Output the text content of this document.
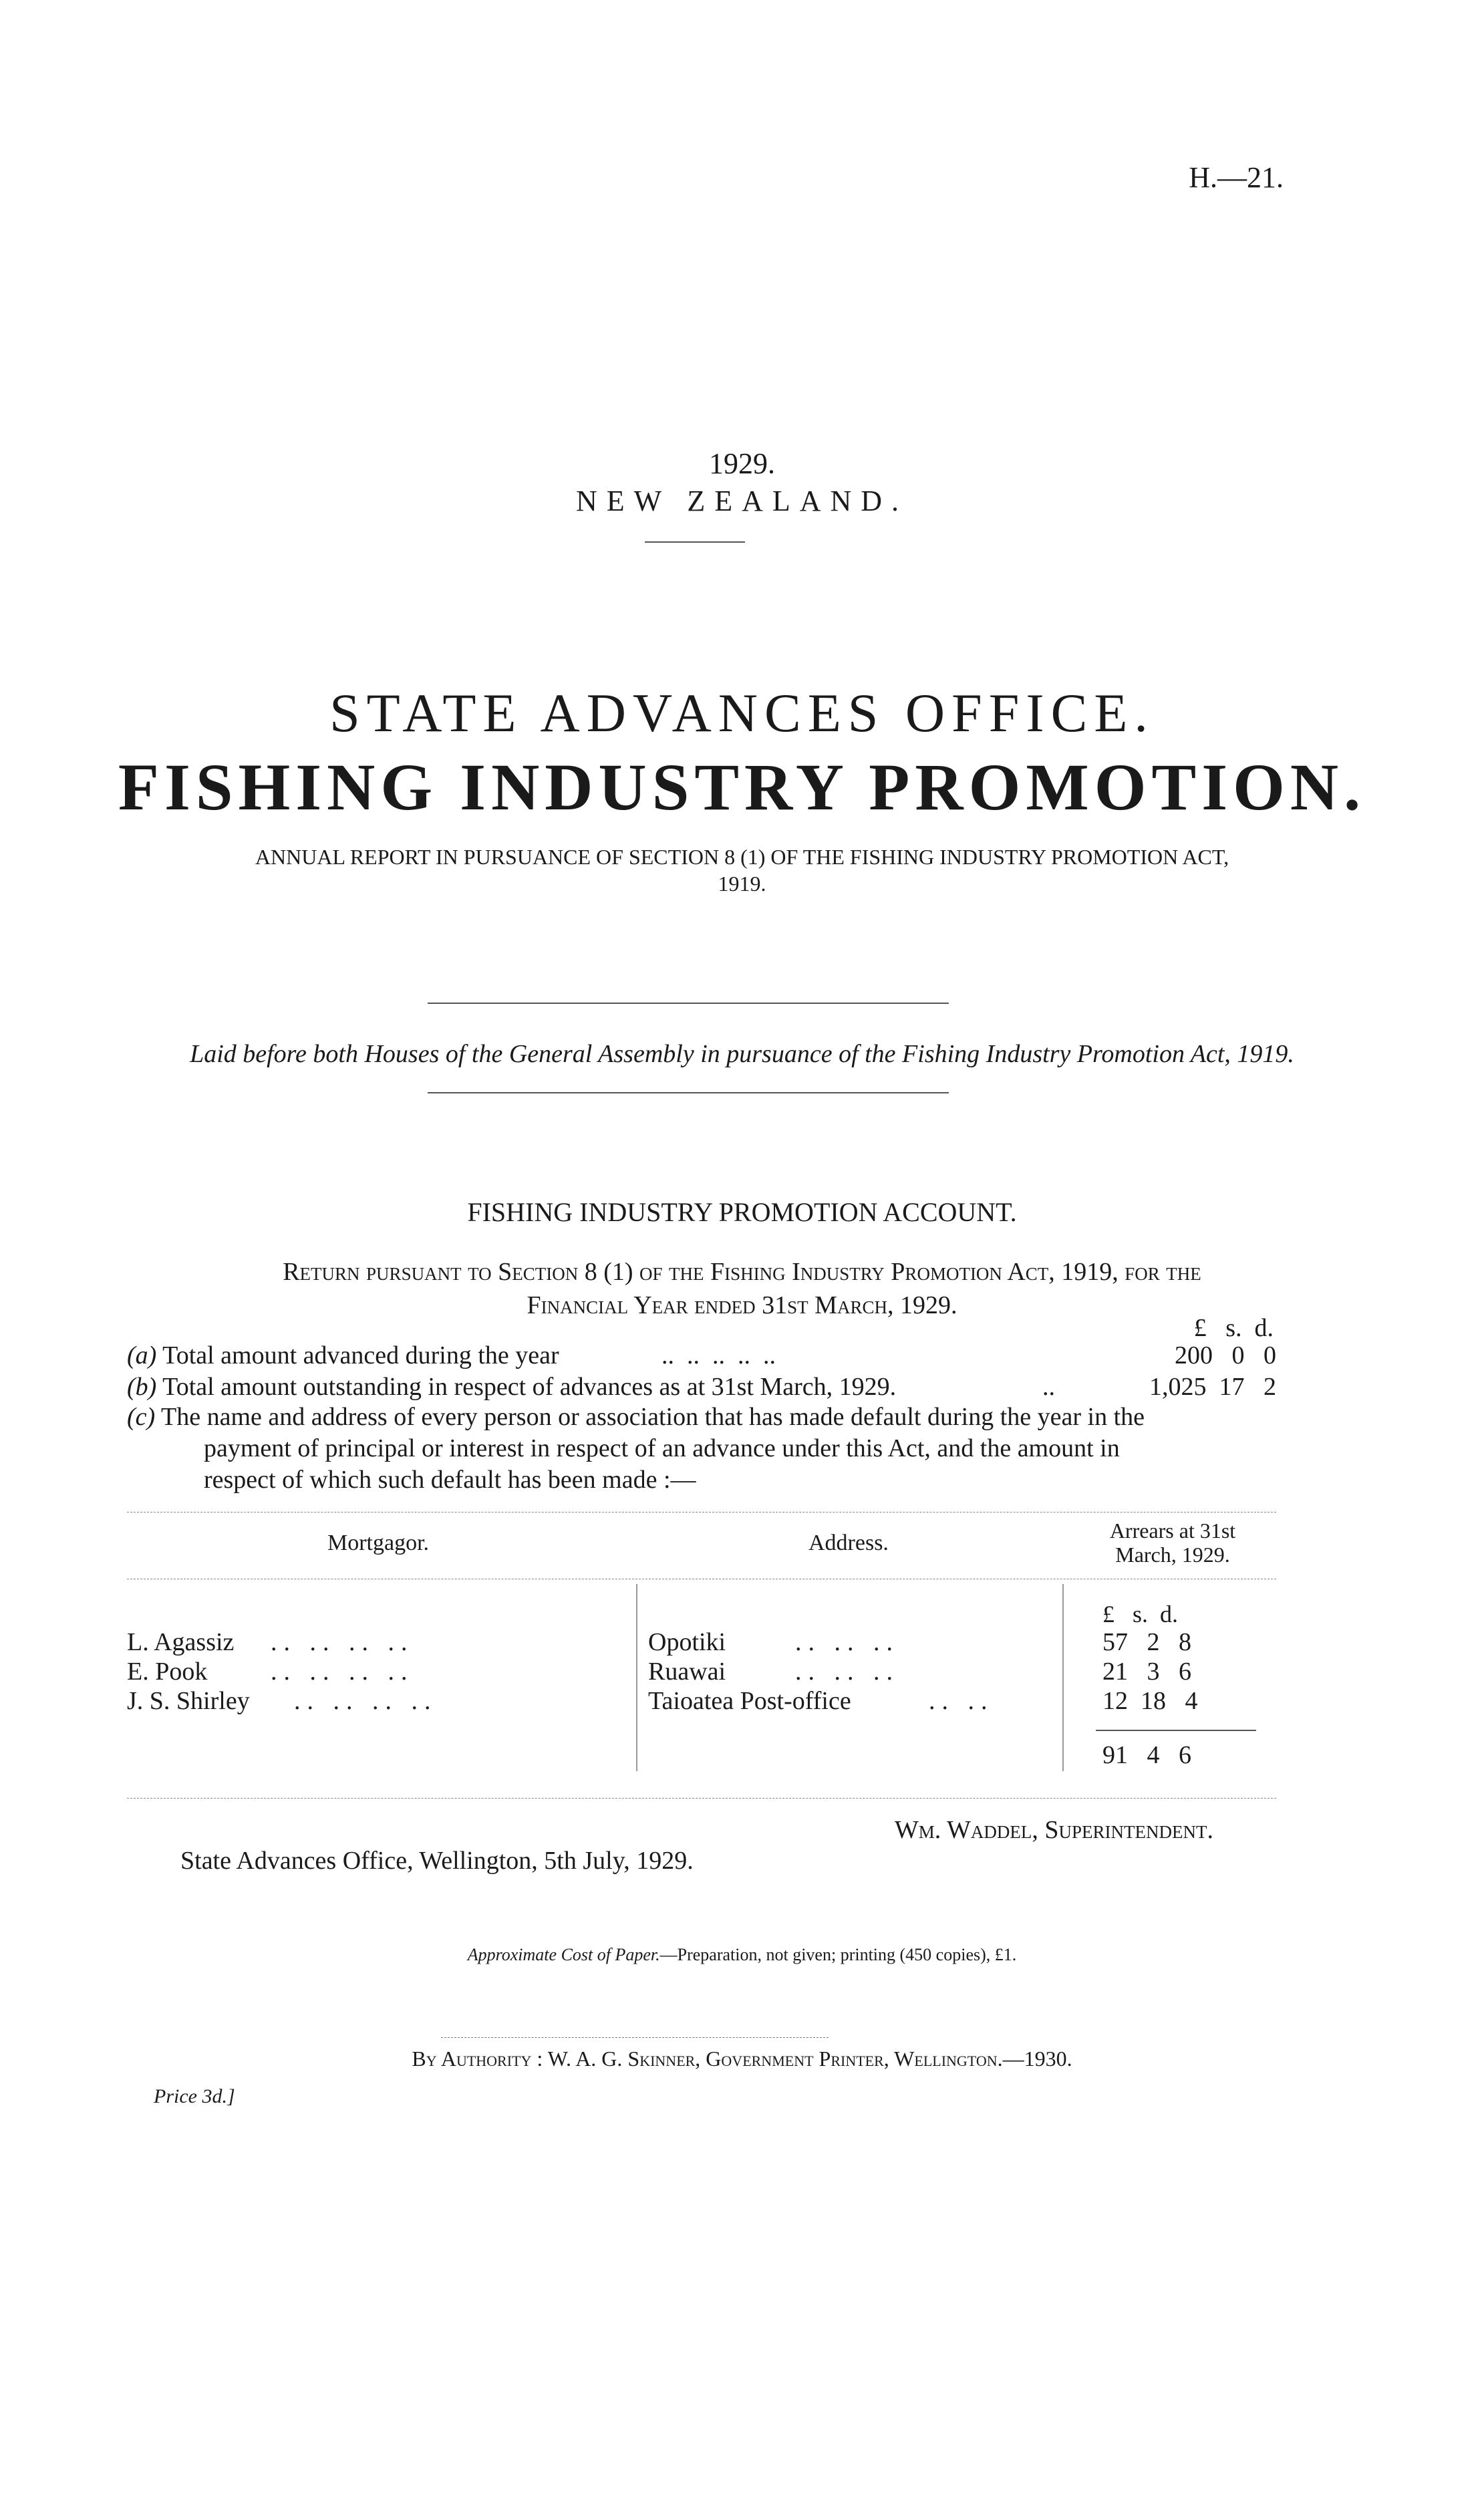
H.—21.
1929.
NEW ZEALAND.
STATE ADVANCES OFFICE.
FISHING INDUSTRY PROMOTION.
ANNUAL REPORT IN PURSUANCE OF SECTION 8 (1) OF THE FISHING INDUSTRY PROMOTION ACT,
1919.
Laid before both Houses of the General Assembly in pursuance of the Fishing Industry Promotion Act, 1919.
FISHING INDUSTRY PROMOTION ACCOUNT.
Return pursuant to Section 8 (1) of the Fishing Industry Promotion Act, 1919, for the
Financial Year ended 31st March, 1929.
£   s.  d.
(a) Total amount advanced during the year	..  ..  ..  ..  ..	200   0   0
(b) Total amount outstanding in respect of advances as at 31st March, 1929.	..	1,025  17   2
(c) The name and address of every person or association that has made default during the year in the
payment of principal or interest in respect of an advance under this Act, and the amount in
respect of which such default has been made :—
Mortgagor.	Address.	Arrears at 31st
March, 1929.
£   s.  d.
L. Agassiz .. .. .. ..	Opotiki	.. .. ..	57   2   8
E. Pook .. .. .. ..	Ruawai	.. .. ..	21   3   6
J. S. Shirley .. .. .. ..	Taioatea Post-office	.. ..	12  18   4
91   4   6
Wm. Waddel, Superintendent.
State Advances Office, Wellington, 5th July, 1929.
Approximate Cost of Paper.—Preparation, not given; printing (450 copies), £1.
By Authority : W. A. G. Skinner, Government Printer, Wellington.—1930.
Price 3d.]
